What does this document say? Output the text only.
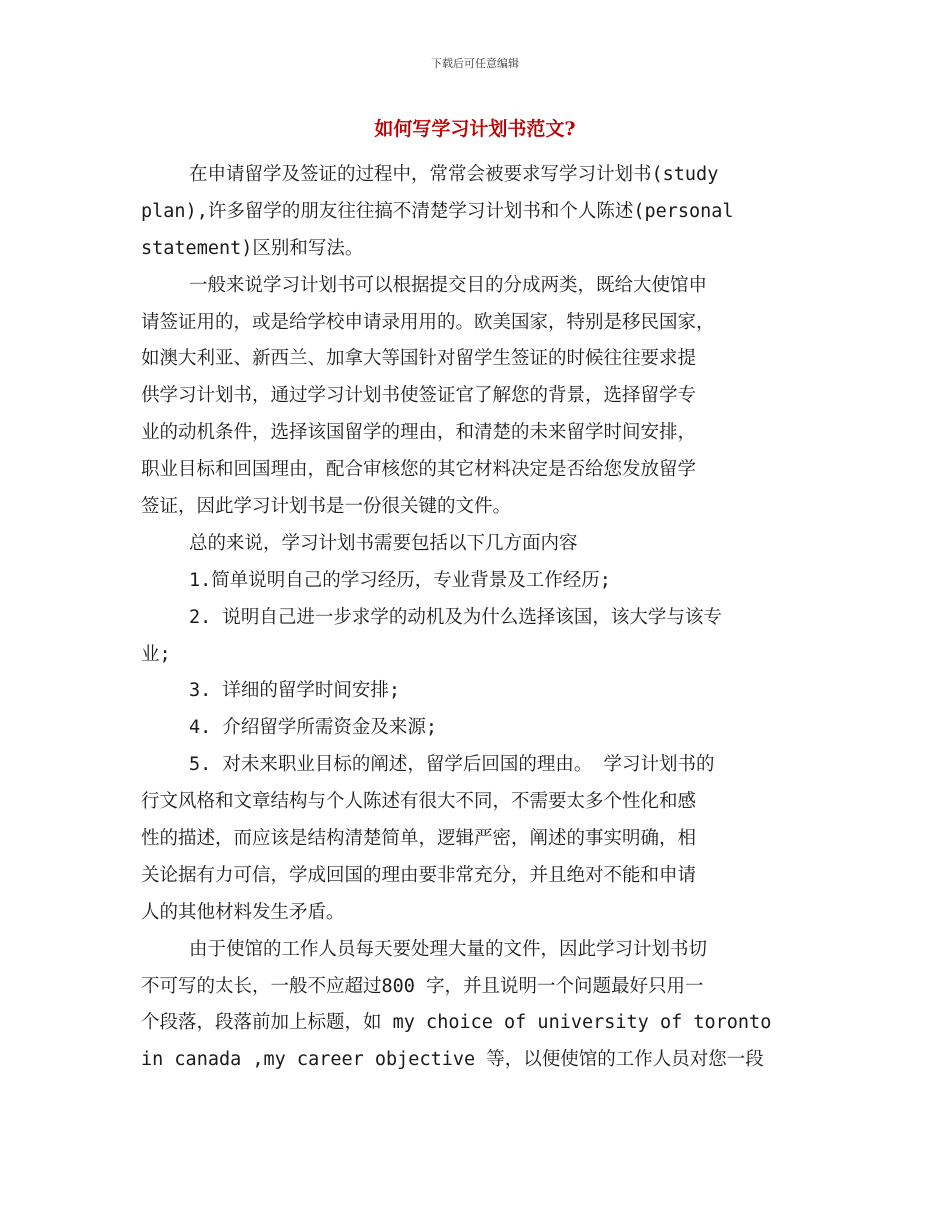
下载后可任意编辑
如何写学习计划书范文?
在申请留学及签证的过程中，常常会被要求写学习计划书(study
plan),许多留学的朋友往往搞不清楚学习计划书和个人陈述(personal
statement)区别和写法。
一般来说学习计划书可以根据提交目的分成两类，既给大使馆申
请签证用的，或是给学校申请录用用的。欧美国家，特别是移民国家，
如澳大利亚、新西兰、加拿大等国针对留学生签证的时候往往要求提
供学习计划书，通过学习计划书使签证官了解您的背景，选择留学专
业的动机条件，选择该国留学的理由，和清楚的未来留学时间安排，
职业目标和回国理由，配合审核您的其它材料决定是否给您发放留学
签证，因此学习计划书是一份很关键的文件。
总的来说，学习计划书需要包括以下几方面内容
1.简单说明自己的学习经历，专业背景及工作经历;
2. 说明自己进一步求学的动机及为什么选择该国，该大学与该专
业;
3. 详细的留学时间安排;
4. 介绍留学所需资金及来源;
5. 对未来职业目标的阐述，留学后回国的理由。 学习计划书的
行文风格和文章结构与个人陈述有很大不同，不需要太多个性化和感
性的描述，而应该是结构清楚简单，逻辑严密，阐述的事实明确，相
关论据有力可信，学成回国的理由要非常充分，并且绝对不能和申请
人的其他材料发生矛盾。
由于使馆的工作人员每天要处理大量的文件，因此学习计划书切
不可写的太长，一般不应超过800 字，并且说明一个问题最好只用一
个段落，段落前加上标题，如 my choice of university of toronto
in canada ,my career objective 等，以便使馆的工作人员对您一段
